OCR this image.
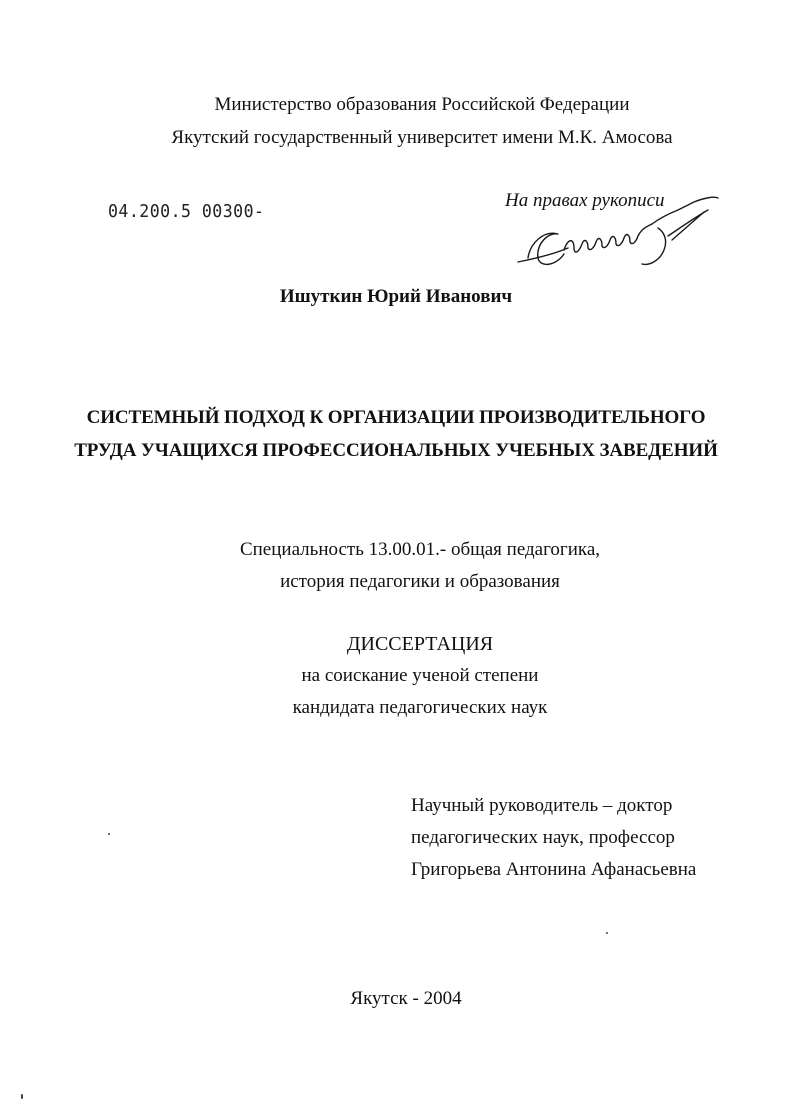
Министерство образования Российской Федерации
Якутский государственный университет имени М.К. Амосова
04.200.5 00300-
На правах рукописи
Ишуткин Юрий Иванович
СИСТЕМНЫЙ ПОДХОД К ОРГАНИЗАЦИИ ПРОИЗВОДИТЕЛЬНОГО
ТРУДА УЧАЩИХСЯ ПРОФЕССИОНАЛЬНЫХ УЧЕБНЫХ ЗАВЕДЕНИЙ
Специальность 13.00.01.- общая педагогика,
история педагогики и образования
ДИССЕРТАЦИЯ
на соискание ученой степени
кандидата педагогических наук
Научный руководитель – доктор
педагогических наук, профессор
Григорьева Антонина Афанасьевна
Якутск - 2004
